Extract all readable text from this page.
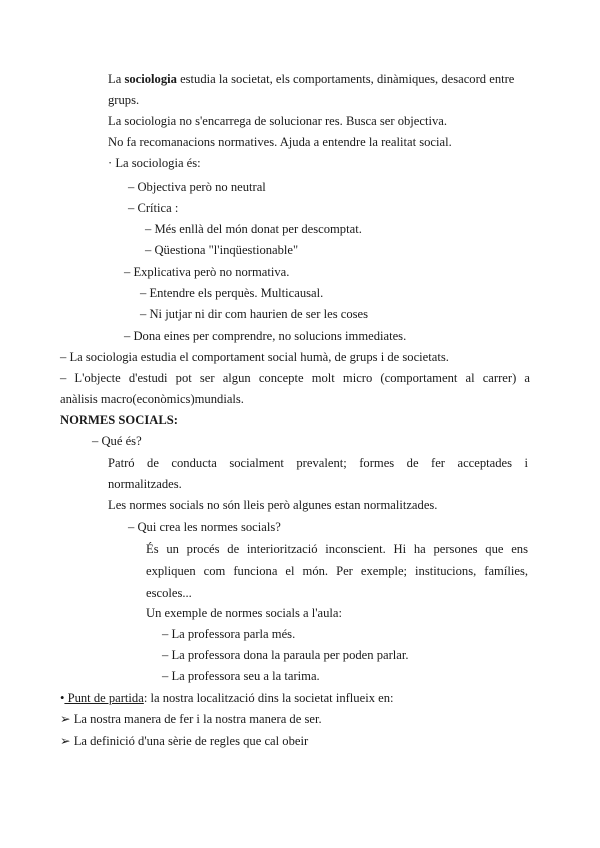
La sociologia estudia la societat, els comportaments, dinàmiques, desacord entre
grups.
La sociologia no s'encarrega de solucionar res. Busca ser objectiva.
No fa recomanacions normatives. Ajuda a entendre la realitat social.
· La sociologia és:
– Objectiva però no neutral
– Crítica :
– Més enllà del món donat per descomptat.
– Qüestiona "l'inqüestionable"
– Explicativa però no normativa.
– Entendre els perquès. Multicausal.
– Ni jutjar ni dir com haurien de ser les coses
– Dona eines per comprendre, no solucions immediates.
– La sociologia estudia el comportament social humà, de grups i de societats.
– L'objecte d'estudi pot ser algun concepte molt micro (comportament al carrer) a
anàlisis macro(econòmics)mundials.
NORMES SOCIALS:
– Qué és?
Patró de conducta socialment prevalent; formes de fer acceptades i
normalitzades.
Les normes socials no són lleis però algunes estan normalitzades.
– Qui crea les normes socials?
És un procés de interiorització inconscient. Hi ha persones que ens
expliquen com funciona el món. Per exemple; institucions, famílies,
escoles...
Un exemple de normes socials a l'aula:
– La professora parla més.
– La professora dona la paraula per poden parlar.
– La professora seu a la tarima.
• Punt de partida: la nostra localització dins la societat influeix en:
➢ La nostra manera de fer i la nostra manera de ser.
➢ La definició d'una sèrie de regles que cal obeir
